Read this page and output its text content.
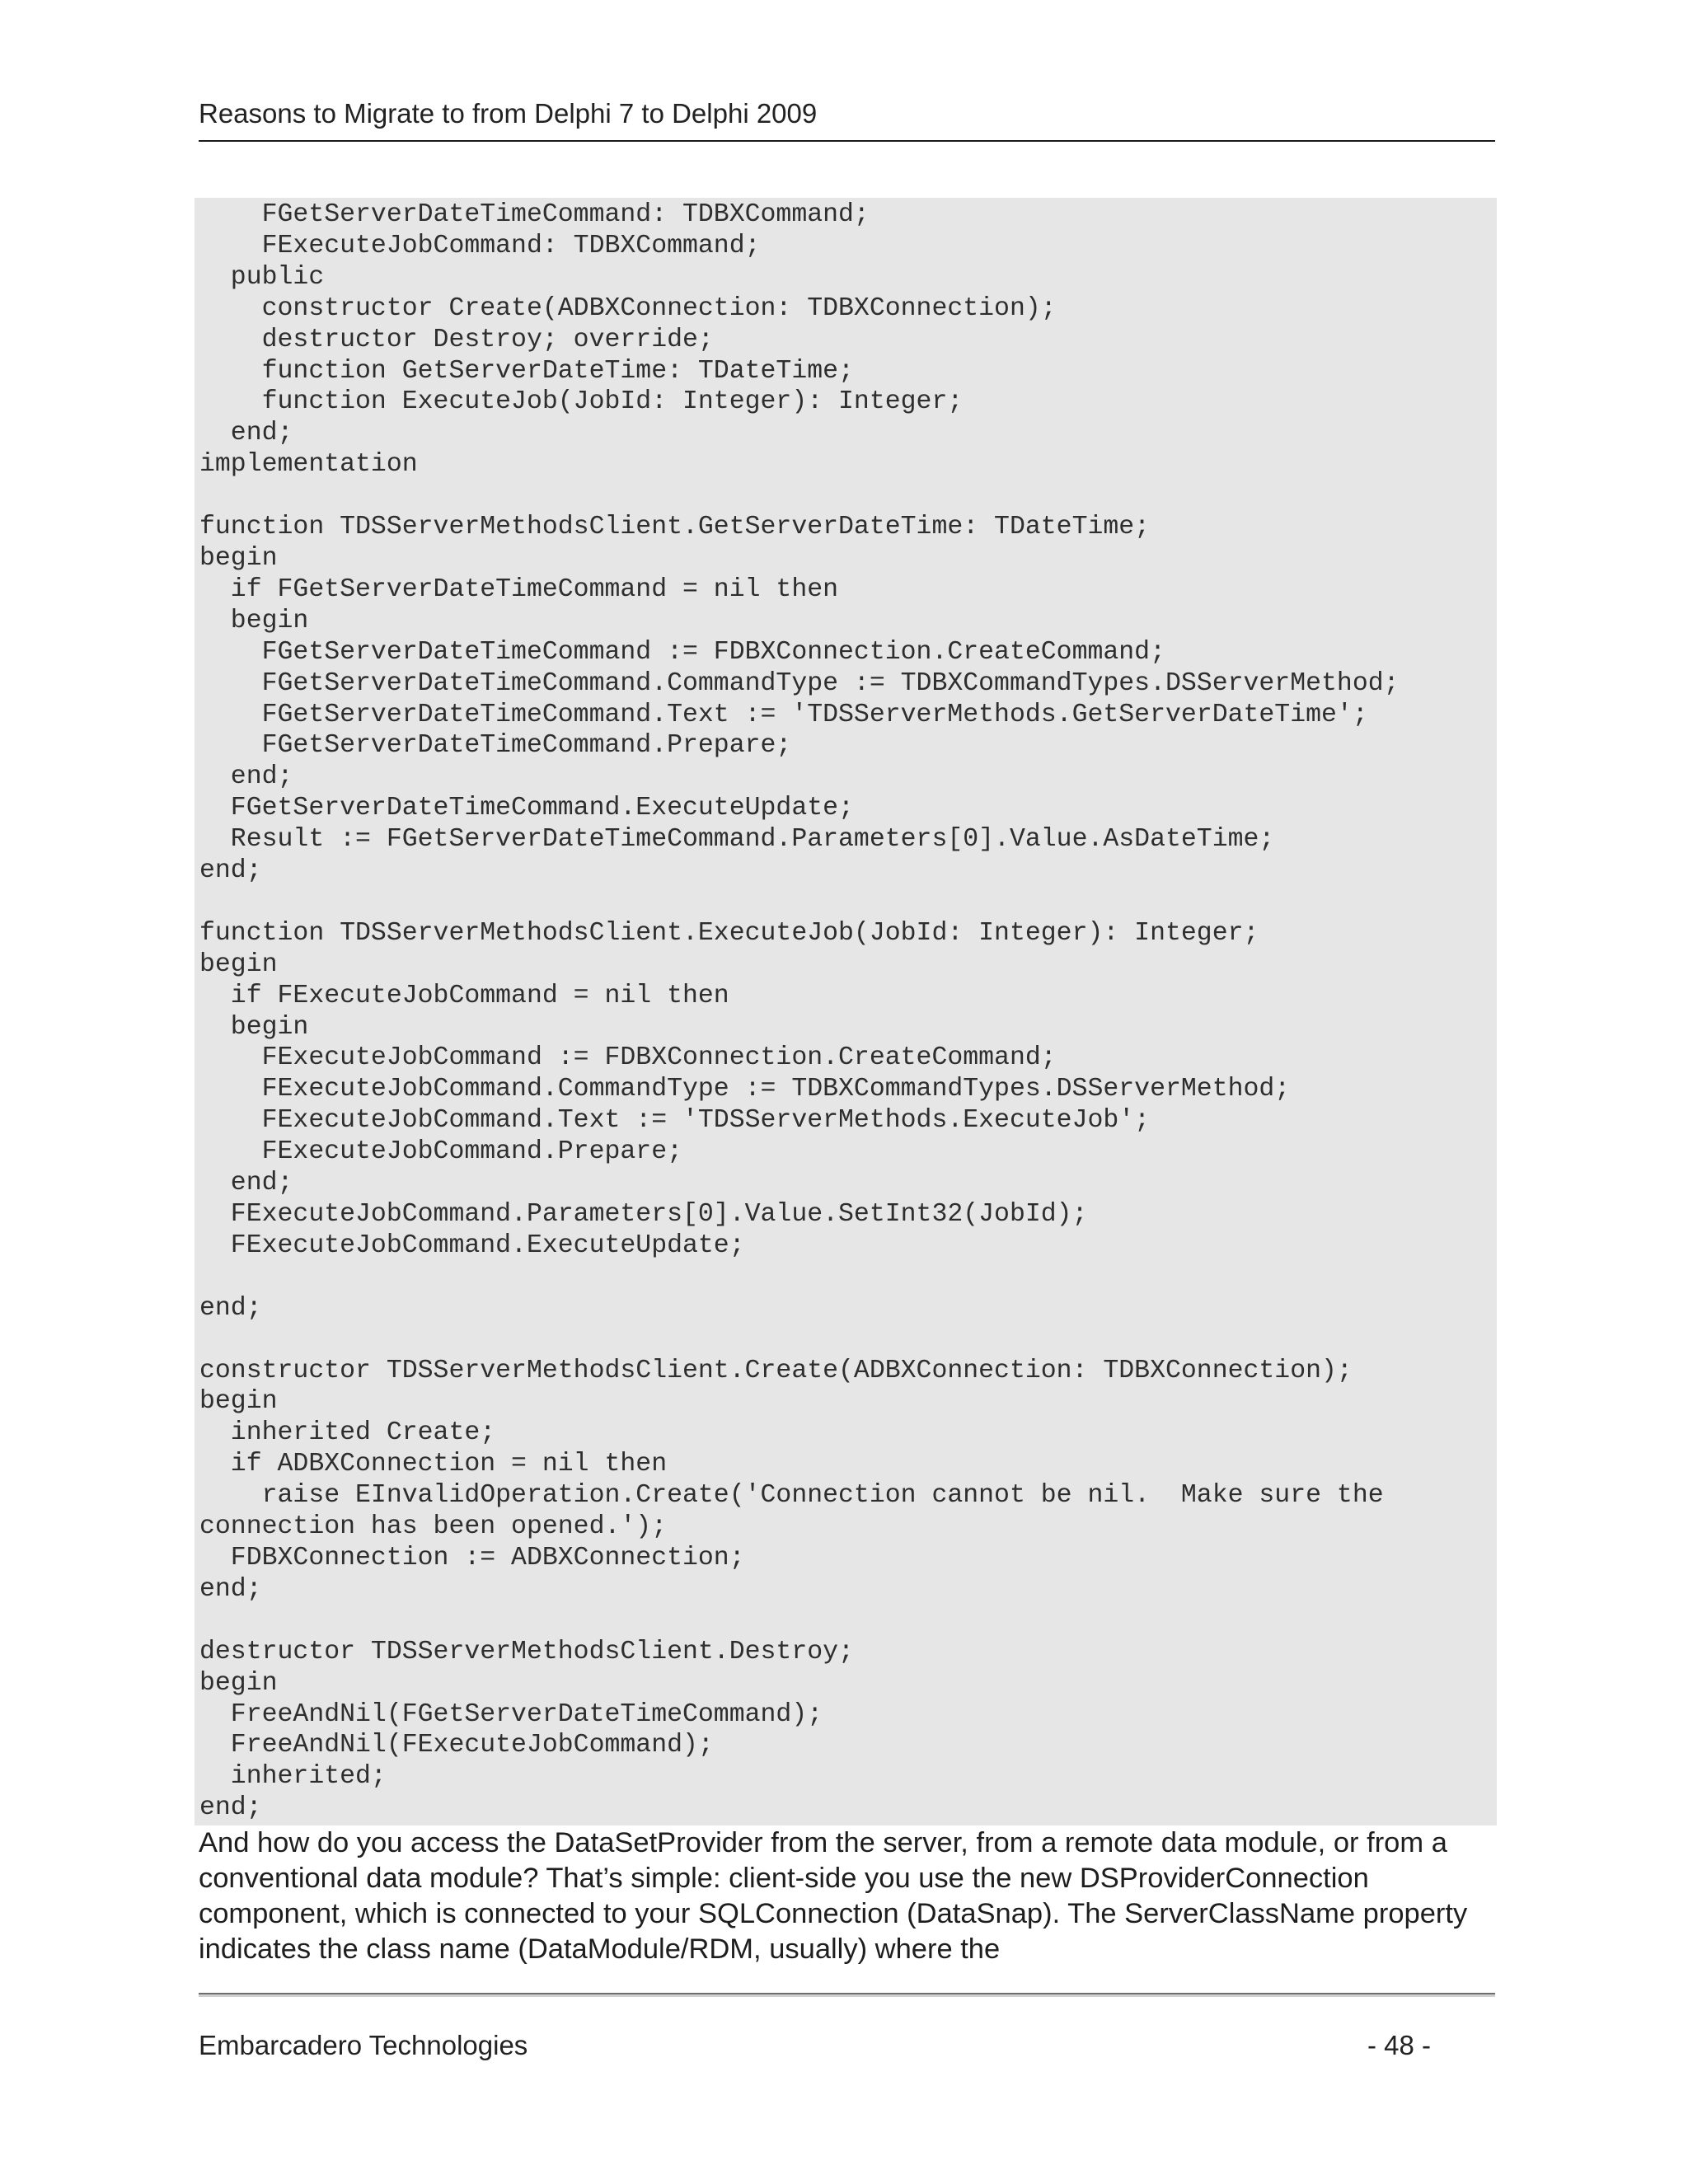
Reasons to Migrate to from Delphi 7 to Delphi 2009
FGetServerDateTimeCommand: TDBXCommand;
FExecuteJobCommand: TDBXCommand;
public
constructor Create(ADBXConnection: TDBXConnection);
destructor Destroy; override;
function GetServerDateTime: TDateTime;
function ExecuteJob(JobId: Integer): Integer;
end;
implementation

function TDSServerMethodsClient.GetServerDateTime: TDateTime;
begin
if FGetServerDateTimeCommand = nil then
begin
FGetServerDateTimeCommand := FDBXConnection.CreateCommand;
FGetServerDateTimeCommand.CommandType := TDBXCommandTypes.DSServerMethod;
FGetServerDateTimeCommand.Text := 'TDSServerMethods.GetServerDateTime';
FGetServerDateTimeCommand.Prepare;
end;
FGetServerDateTimeCommand.ExecuteUpdate;
Result := FGetServerDateTimeCommand.Parameters[0].Value.AsDateTime;
end;

function TDSServerMethodsClient.ExecuteJob(JobId: Integer): Integer;
begin
if FExecuteJobCommand = nil then
begin
FExecuteJobCommand := FDBXConnection.CreateCommand;
FExecuteJobCommand.CommandType := TDBXCommandTypes.DSServerMethod;
FExecuteJobCommand.Text := 'TDSServerMethods.ExecuteJob';
FExecuteJobCommand.Prepare;
end;
FExecuteJobCommand.Parameters[0].Value.SetInt32(JobId);
FExecuteJobCommand.ExecuteUpdate;

end;

constructor TDSServerMethodsClient.Create(ADBXConnection: TDBXConnection);
begin
inherited Create;
if ADBXConnection = nil then
raise EInvalidOperation.Create('Connection cannot be nil.  Make sure the
connection has been opened.');
FDBXConnection := ADBXConnection;
end;

destructor TDSServerMethodsClient.Destroy;
begin
FreeAndNil(FGetServerDateTimeCommand);
FreeAndNil(FExecuteJobCommand);
inherited;
end;

And how do you access the DataSetProvider from the server, from a remote data module, or from a conventional data module? That’s simple: client-side you use the new DSProviderConnection component, which is connected to your SQLConnection (DataSnap). The ServerClassName property indicates the class name (DataModule/RDM, usually) where the

Embarcadero Technologies	- 48 -
